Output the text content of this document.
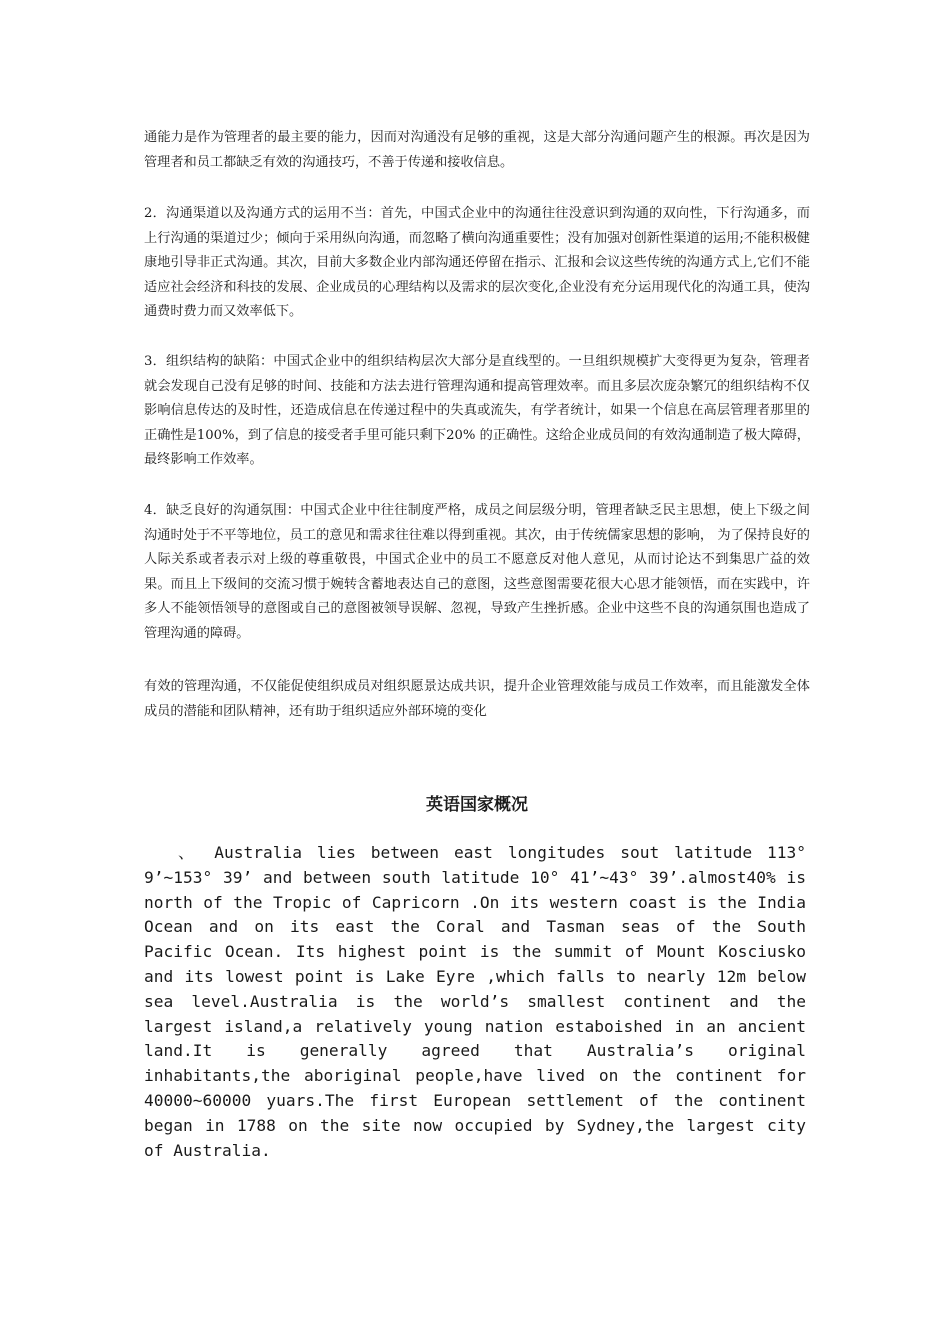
通能力是作为管理者的最主要的能力，因而对沟通没有足够的重视，这是大部分沟通问题产生的根源。再次是因为管理者和员工都缺乏有效的沟通技巧，不善于传递和接收信息。

2．沟通渠道以及沟通方式的运用不当：首先，中国式企业中的沟通往往没意识到沟通的双向性，下行沟通多，而上行沟通的渠道过少；倾向于采用纵向沟通，而忽略了横向沟通重要性；没有加强对创新性渠道的运用;不能积极健康地引导非正式沟通。其次，目前大多数企业内部沟通还停留在指示、汇报和会议这些传统的沟通方式上,它们不能适应社会经济和科技的发展、企业成员的心理结构以及需求的层次变化,企业没有充分运用现代化的沟通工具，使沟通费时费力而又效率低下。

3．组织结构的缺陷：中国式企业中的组织结构层次大部分是直线型的。一旦组织规模扩大变得更为复杂，管理者就会发现自己没有足够的时间、技能和方法去进行管理沟通和提高管理效率。而且多层次庞杂繁冗的组织结构不仅影响信息传达的及时性，还造成信息在传递过程中的失真或流失，有学者统计，如果一个信息在高层管理者那里的正确性是100%，到了信息的接受者手里可能只剩下20% 的正确性。这给企业成员间的有效沟通制造了极大障碍，最终影响工作效率。

4．缺乏良好的沟通氛围：中国式企业中往往制度严格，成员之间层级分明，管理者缺乏民主思想，使上下级之间沟通时处于不平等地位，员工的意见和需求往往难以得到重视。其次，由于传统儒家思想的影响， 为了保持良好的人际关系或者表示对上级的尊重敬畏，中国式企业中的员工不愿意反对他人意见，从而讨论达不到集思广益的效果。而且上下级间的交流习惯于婉转含蓄地表达自己的意图，这些意图需要花很大心思才能领悟，而在实践中，许多人不能领悟领导的意图或自己的意图被领导误解、忽视，导致产生挫折感。企业中这些不良的沟通氛围也造成了管理沟通的障碍。

有效的管理沟通，不仅能促使组织成员对组织愿景达成共识，提升企业管理效能与成员工作效率，而且能激发全体成员的潜能和团队精神，还有助于组织适应外部环境的变化

英语国家概况

、 Australia lies between east longitudes sout latitude 113° 9’~153° 39’ and between south latitude 10° 41’~43° 39’.almost40% is north of the Tropic of Capricorn .On its western coast is the India Ocean and on its east the Coral and Tasman seas of the South Pacific Ocean. Its highest point is the summit of Mount Kosciusko and its lowest point is Lake Eyre ,which falls to nearly 12m below sea level.Australia is the world’s smallest continent and the largest island,a relatively young nation estaboished in an ancient land.It is generally agreed that Australia’s original inhabitants,the aboriginal people,have lived on the continent for 40000~60000 yuars.The first European settlement of the continent began in 1788 on the site now occupied by Sydney,the largest city of Australia.
